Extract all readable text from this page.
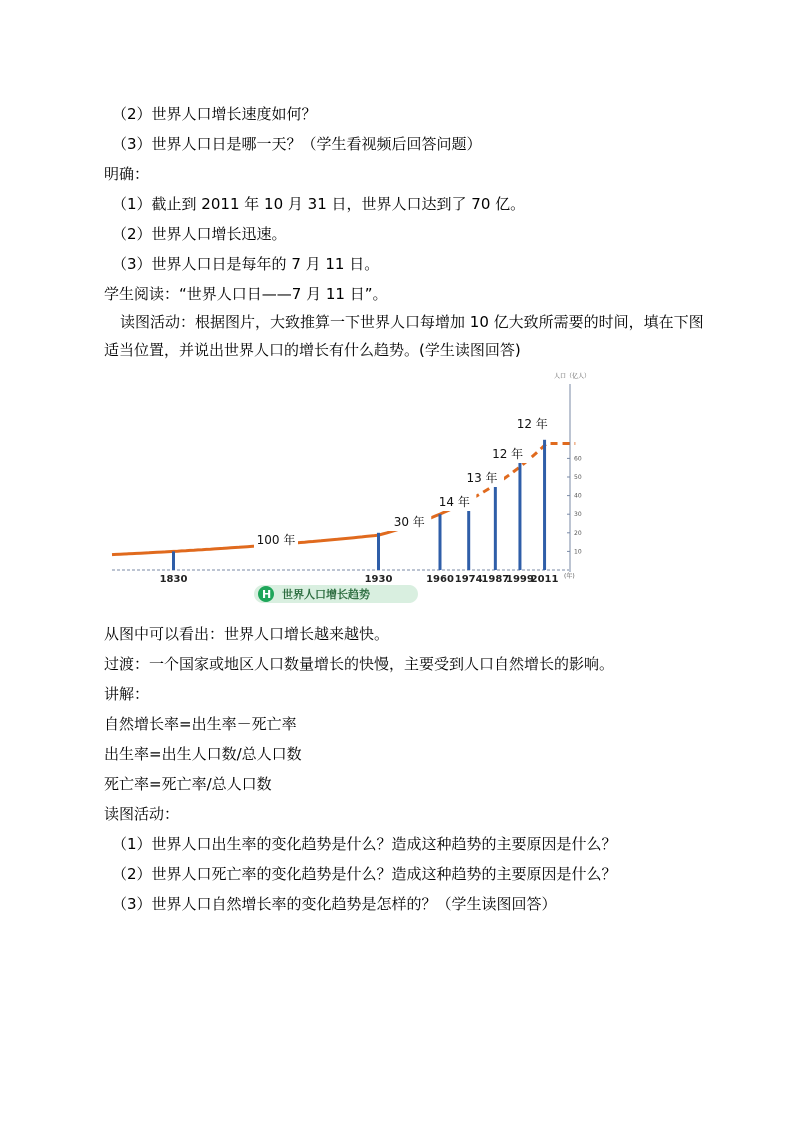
（2）世界人口增长速度如何？
（3）世界人口日是哪一天？（学生看视频后回答问题）
明确：
（1）截止到 2011 年 10 月 31 日，世界人口达到了 70 亿。
（2）世界人口增长迅速。
（3）世界人口日是每年的 7 月 11 日。
学生阅读：“世界人口日——7 月 11 日”。
读图活动：根据图片，大致推算一下世界人口每增加 10 亿大致所需要的时间，填在下图
适当位置，并说出世界人口的增长有什么趋势。(学生读图回答)
10
20
30
40
50
60
人口（亿人）
(年)
100 年
30 年
14 年
13 年
12 年
12 年
1830	1930	1960 1974
1987
1999
2011
H 世界人口增长趋势
从图中可以看出：世界人口增长越来越快。
过渡：一个国家或地区人口数量增长的快慢，主要受到人口自然增长的影响。
讲解：
自然增长率=出生率－死亡率
出生率=出生人口数/总人口数
死亡率=死亡率/总人口数
读图活动：
（1）世界人口出生率的变化趋势是什么？造成这种趋势的主要原因是什么？
（2）世界人口死亡率的变化趋势是什么？造成这种趋势的主要原因是什么？
（3）世界人口自然增长率的变化趋势是怎样的？（学生读图回答）
